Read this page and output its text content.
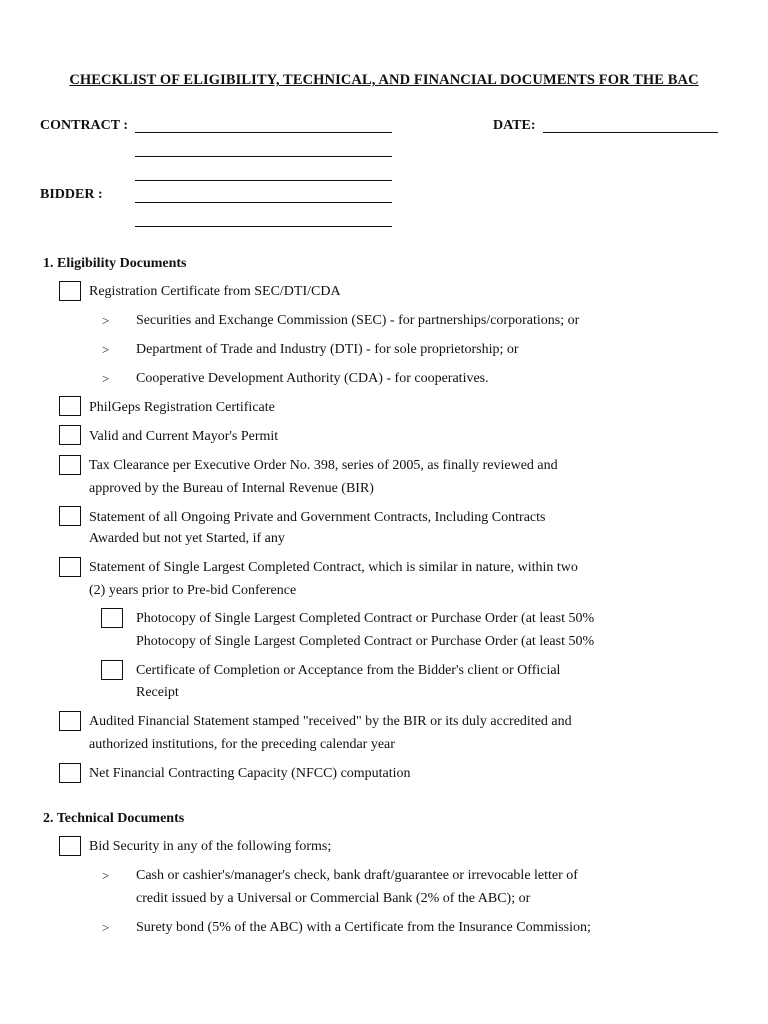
CHECKLIST OF ELIGIBILITY, TECHNICAL, AND FINANCIAL DOCUMENTS FOR THE BAC
CONTRACT :	DATE:
BIDDER :
1. Eligibility Documents
Registration Certificate from SEC/DTI/CDA
> Securities and Exchange Commission (SEC) - for partnerships/corporations; or
> Department of Trade and Industry (DTI) - for sole proprietorship; or
> Cooperative Development Authority (CDA) - for cooperatives.
PhilGeps Registration Certificate
Valid and Current Mayor's Permit
Tax Clearance per Executive Order No. 398, series of 2005, as finally reviewed and
approved by the Bureau of Internal Revenue (BIR)
Statement of all Ongoing Private and Government Contracts, Including Contracts
Awarded but not yet Started, if any
Statement of Single Largest Completed Contract, which is similar in nature, within two
(2) years prior to Pre-bid Conference
Photocopy of Single Largest Completed Contract or Purchase Order (at least 50%
Photocopy of Single Largest Completed Contract or Purchase Order (at least 50%
Certificate of Completion or Acceptance from the Bidder's client or Official
Receipt
Audited Financial Statement stamped "received" by the BIR or its duly accredited and
authorized institutions, for the preceding calendar year
Net Financial Contracting Capacity (NFCC) computation
2. Technical Documents
Bid Security in any of the following forms;
> Cash or cashier's/manager's check, bank draft/guarantee or irrevocable letter of
credit issued by a Universal or Commercial Bank (2% of the ABC); or
> Surety bond (5% of the ABC) with a Certificate from the Insurance Commission;
